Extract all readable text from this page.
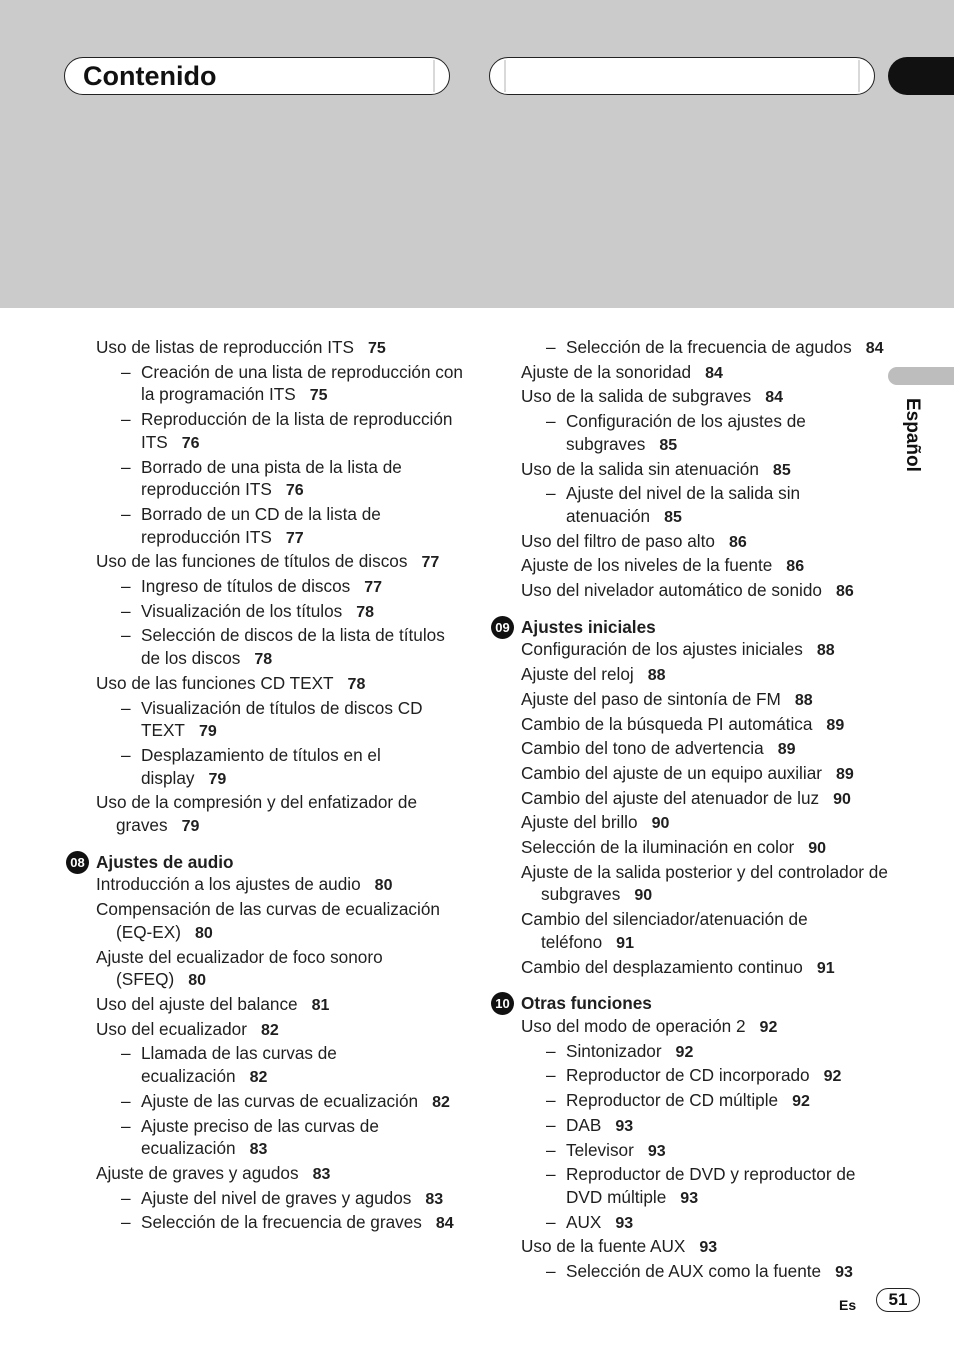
Contenido
Español
Uso de listas de reproducción ITS 75
– Creación de una lista de reproducción con la programación ITS 75
– Reproducción de la lista de reproducción ITS 76
– Borrado de una pista de la lista de reproducción ITS 76
– Borrado de un CD de la lista de reproducción ITS 77
Uso de las funciones de títulos de discos 77
– Ingreso de títulos de discos 77
– Visualización de los títulos 78
– Selección de discos de la lista de títulos de los discos 78
Uso de las funciones CD TEXT 78
– Visualización de títulos de discos CD TEXT 79
– Desplazamiento de títulos en el display 79
Uso de la compresión y del enfatizador de graves 79
08 Ajustes de audio
Introducción a los ajustes de audio 80
Compensación de las curvas de ecualización (EQ-EX) 80
Ajuste del ecualizador de foco sonoro (SFEQ) 80
Uso del ajuste del balance 81
Uso del ecualizador 82
– Llamada de las curvas de ecualización 82
– Ajuste de las curvas de ecualización 82
– Ajuste preciso de las curvas de ecualización 83
Ajuste de graves y agudos 83
– Ajuste del nivel de graves y agudos 83
– Selección de la frecuencia de graves 84
– Selección de la frecuencia de agudos 84
Ajuste de la sonoridad 84
Uso de la salida de subgraves 84
– Configuración de los ajustes de subgraves 85
Uso de la salida sin atenuación 85
– Ajuste del nivel de la salida sin atenuación 85
Uso del filtro de paso alto 86
Ajuste de los niveles de la fuente 86
Uso del nivelador automático de sonido 86
09 Ajustes iniciales
Configuración de los ajustes iniciales 88
Ajuste del reloj 88
Ajuste del paso de sintonía de FM 88
Cambio de la búsqueda PI automática 89
Cambio del tono de advertencia 89
Cambio del ajuste de un equipo auxiliar 89
Cambio del ajuste del atenuador de luz 90
Ajuste del brillo 90
Selección de la iluminación en color 90
Ajuste de la salida posterior y del controlador de subgraves 90
Cambio del silenciador/atenuación de teléfono 91
Cambio del desplazamiento continuo 91
10 Otras funciones
Uso del modo de operación 2 92
– Sintonizador 92
– Reproductor de CD incorporado 92
– Reproductor de CD múltiple 92
– DAB 93
– Televisor 93
– Reproductor de DVD y reproductor de DVD múltiple 93
– AUX 93
Uso de la fuente AUX 93
– Selección de AUX como la fuente 93
Es	51
